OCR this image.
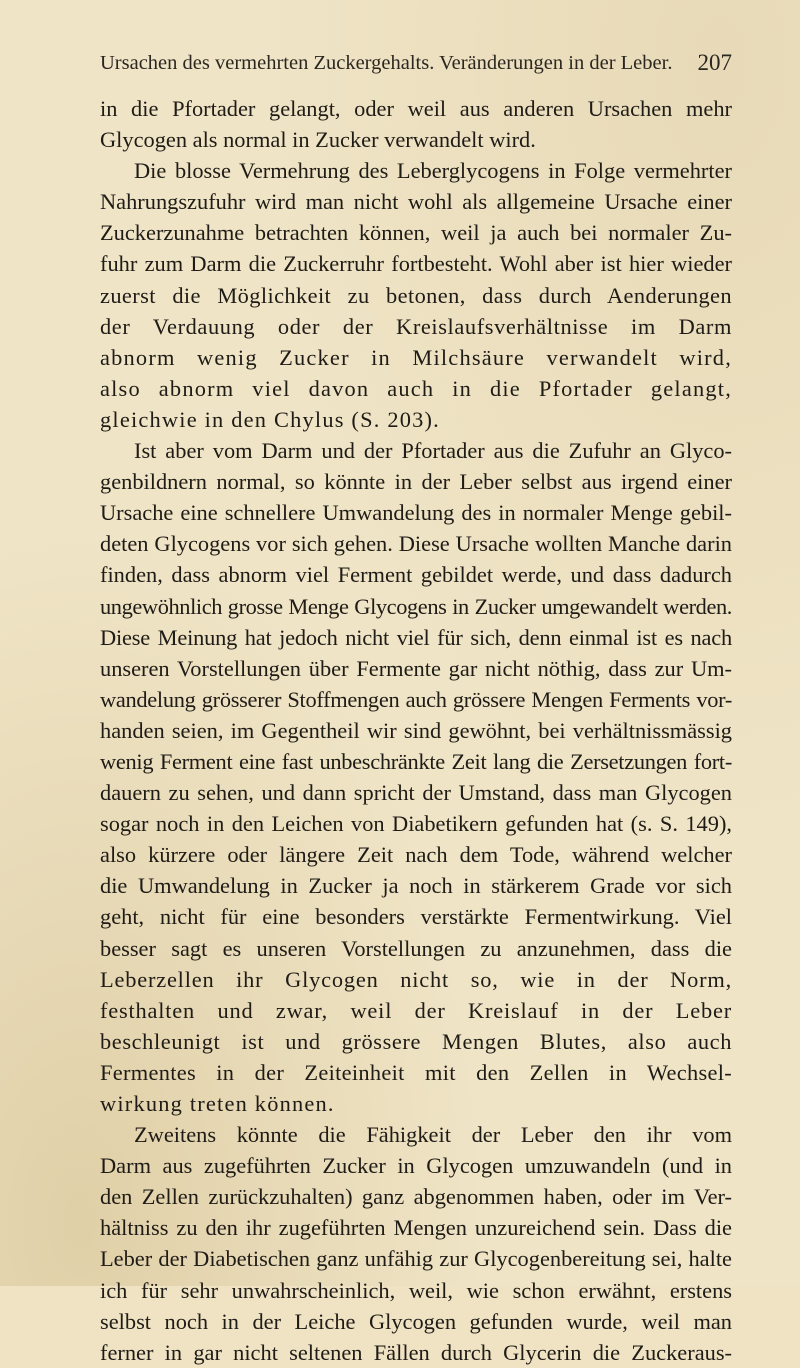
Ursachen des vermehrten Zuckergehalts. Veränderungen in der Leber. 207
in die Pfortader gelangt, oder weil aus anderen Ursachen mehr
Glycogen als normal in Zucker verwandelt wird.
Die blosse Vermehrung des Leberglycogens in Folge vermehrter
Nahrungszufuhr wird man nicht wohl als allgemeine Ursache einer
Zuckerzunahme betrachten können, weil ja auch bei normaler Zu-
fuhr zum Darm die Zuckerruhr fortbesteht. Wohl aber ist hier wieder
zuerst die Möglichkeit zu betonen, dass durch Aenderungen
der Verdauung oder der Kreislaufsverhältnisse im Darm
abnorm wenig Zucker in Milchsäure verwandelt wird,
also abnorm viel davon auch in die Pfortader gelangt,
gleichwie in den Chylus (S. 203).
Ist aber vom Darm und der Pfortader aus die Zufuhr an Glyco-
genbildnern normal, so könnte in der Leber selbst aus irgend einer
Ursache eine schnellere Umwandelung des in normaler Menge gebil-
deten Glycogens vor sich gehen. Diese Ursache wollten Manche darin
finden, dass abnorm viel Ferment gebildet werde, und dass dadurch
ungewöhnlich grosse Menge Glycogens in Zucker umgewandelt werden.
Diese Meinung hat jedoch nicht viel für sich, denn einmal ist es nach
unseren Vorstellungen über Fermente gar nicht nöthig, dass zur Um-
wandelung grösserer Stoffmengen auch grössere Mengen Ferments vor-
handen seien, im Gegentheil wir sind gewöhnt, bei verhältnissmässig
wenig Ferment eine fast unbeschränkte Zeit lang die Zersetzungen fort-
dauern zu sehen, und dann spricht der Umstand, dass man Glycogen
sogar noch in den Leichen von Diabetikern gefunden hat (s. S. 149),
also kürzere oder längere Zeit nach dem Tode, während welcher
die Umwandelung in Zucker ja noch in stärkerem Grade vor sich
geht, nicht für eine besonders verstärkte Fermentwirkung. Viel
besser sagt es unseren Vorstellungen zu anzunehmen, dass die
Leberzellen ihr Glycogen nicht so, wie in der Norm,
festhalten und zwar, weil der Kreislauf in der Leber
beschleunigt ist und grössere Mengen Blutes, also auch
Fermentes in der Zeiteinheit mit den Zellen in Wechsel-
wirkung treten können.
Zweitens könnte die Fähigkeit der Leber den ihr vom
Darm aus zugeführten Zucker in Glycogen umzuwandeln (und in
den Zellen zurückzuhalten) ganz abgenommen haben, oder im Ver-
hältniss zu den ihr zugeführten Mengen unzureichend sein. Dass die
Leber der Diabetischen ganz unfähig zur Glycogenbereitung sei, halte
ich für sehr unwahrscheinlich, weil, wie schon erwähnt, erstens
selbst noch in der Leiche Glycogen gefunden wurde, weil man
ferner in gar nicht seltenen Fällen durch Glycerin die Zuckeraus-
